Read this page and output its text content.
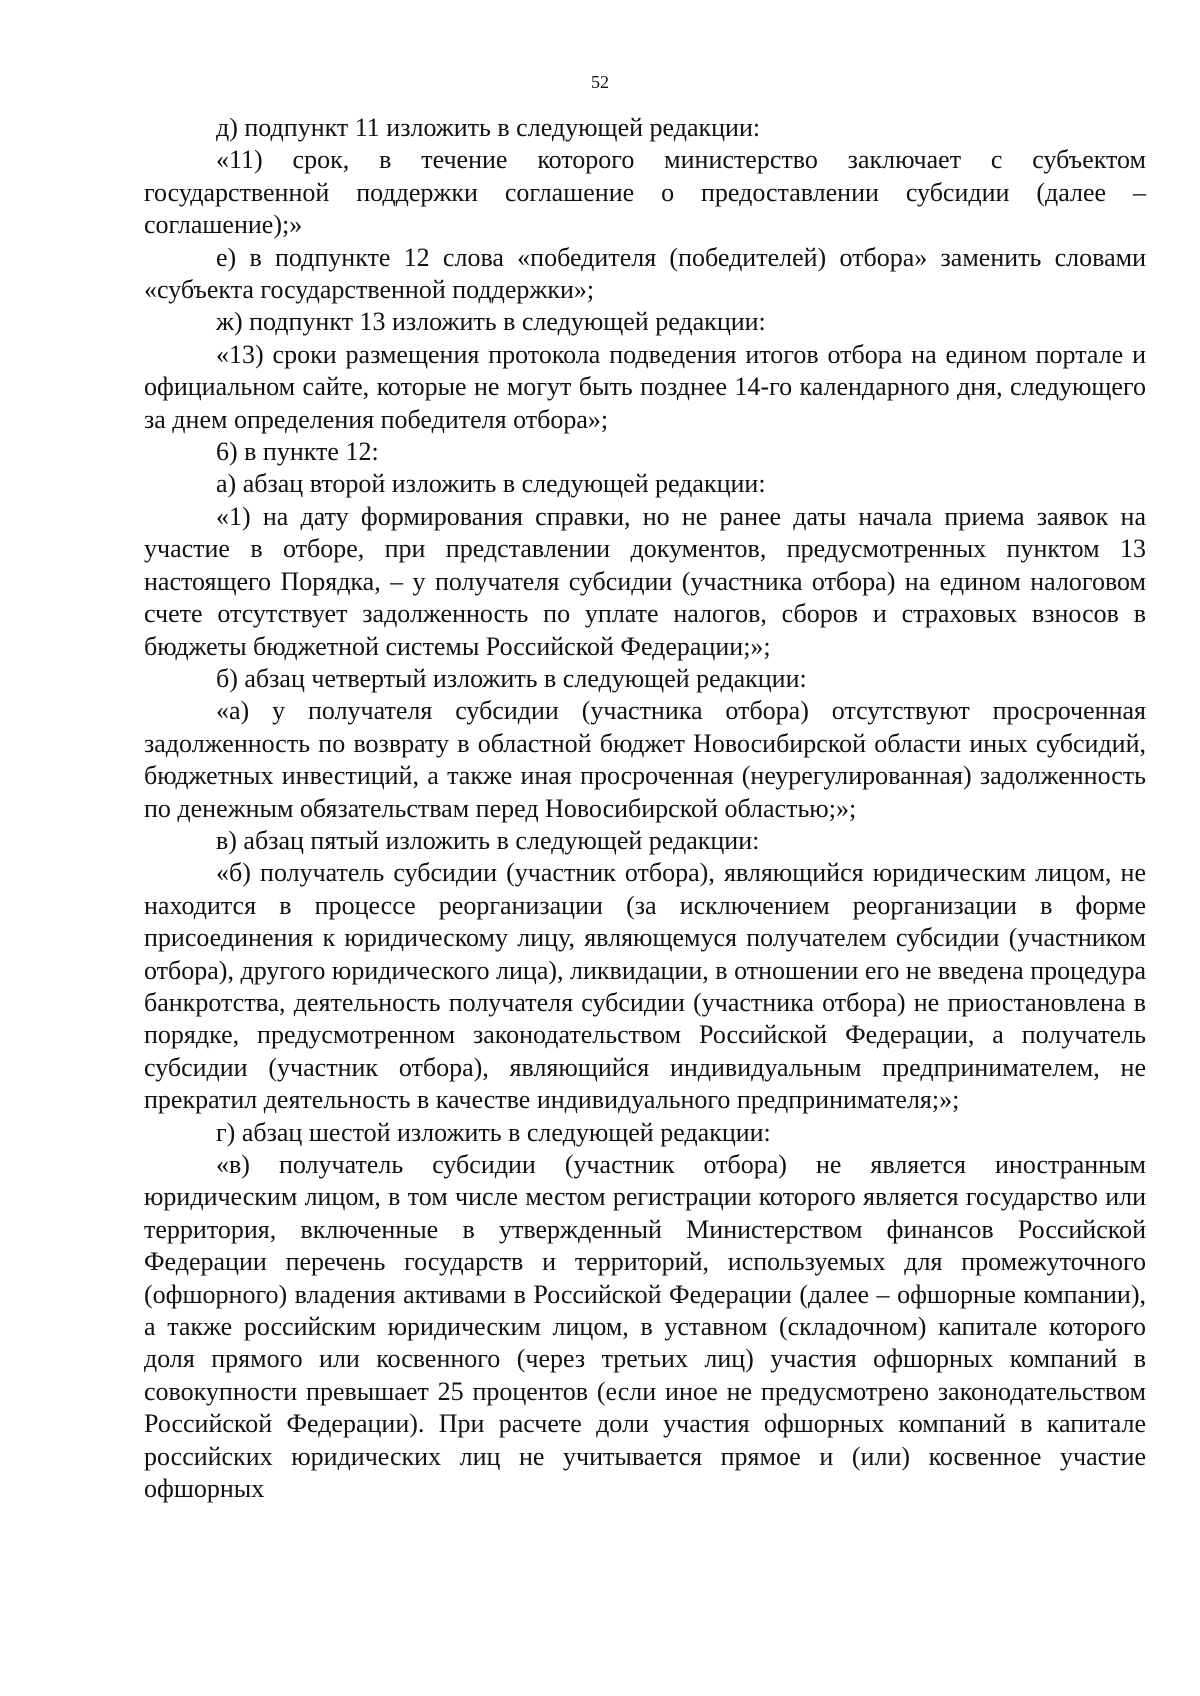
52

д) подпункт 11 изложить в следующей редакции:

«11) срок, в течение которого министерство заключает с субъектом государственной поддержки соглашение о предоставлении субсидии (далее – соглашение);»

е) в подпункте 12 слова «победителя (победителей) отбора» заменить словами «субъекта государственной поддержки»;

ж) подпункт 13 изложить в следующей редакции:

«13) сроки размещения протокола подведения итогов отбора на едином портале и официальном сайте, которые не могут быть позднее 14-го календарного дня, следующего за днем определения победителя отбора»;

6) в пункте 12:

а) абзац второй изложить в следующей редакции:

«1) на дату формирования справки, но не ранее даты начала приема заявок на участие в отборе, при представлении документов, предусмотренных пунктом 13 настоящего Порядка, – у получателя субсидии (участника отбора) на едином налоговом счете отсутствует задолженность по уплате налогов, сборов и страховых взносов в бюджеты бюджетной системы Российской Федерации;»;

б) абзац четвертый изложить в следующей редакции:

«а) у получателя субсидии (участника отбора) отсутствуют просроченная задолженность по возврату в областной бюджет Новосибирской области иных субсидий, бюджетных инвестиций, а также иная просроченная (неурегулированная) задолженность по денежным обязательствам перед Новосибирской областью;»;

в) абзац пятый изложить в следующей редакции:

«б) получатель субсидии (участник отбора), являющийся юридическим лицом, не находится в процессе реорганизации (за исключением реорганизации в форме присоединения к юридическому лицу, являющемуся получателем субсидии (участником отбора), другого юридического лица), ликвидации, в отношении его не введена процедура банкротства, деятельность получателя субсидии (участника отбора) не приостановлена в порядке, предусмотренном законодательством Российской Федерации, а получатель субсидии (участник отбора), являющийся индивидуальным предпринимателем, не прекратил деятельность в качестве индивидуального предпринимателя;»;

г) абзац шестой изложить в следующей редакции:

«в) получатель субсидии (участник отбора) не является иностранным юридическим лицом, в том числе местом регистрации которого является государство или территория, включенные в утвержденный Министерством финансов Российской Федерации перечень государств и территорий, используемых для промежуточного (офшорного) владения активами в Российской Федерации (далее – офшорные компании), а также российским юридическим лицом, в уставном (складочном) капитале которого доля прямого или косвенного (через третьих лиц) участия офшорных компаний в совокупности превышает 25 процентов (если иное не предусмотрено законодательством Российской Федерации). При расчете доли участия офшорных компаний в капитале российских юридических лиц не учитывается прямое и (или) косвенное участие офшорных
